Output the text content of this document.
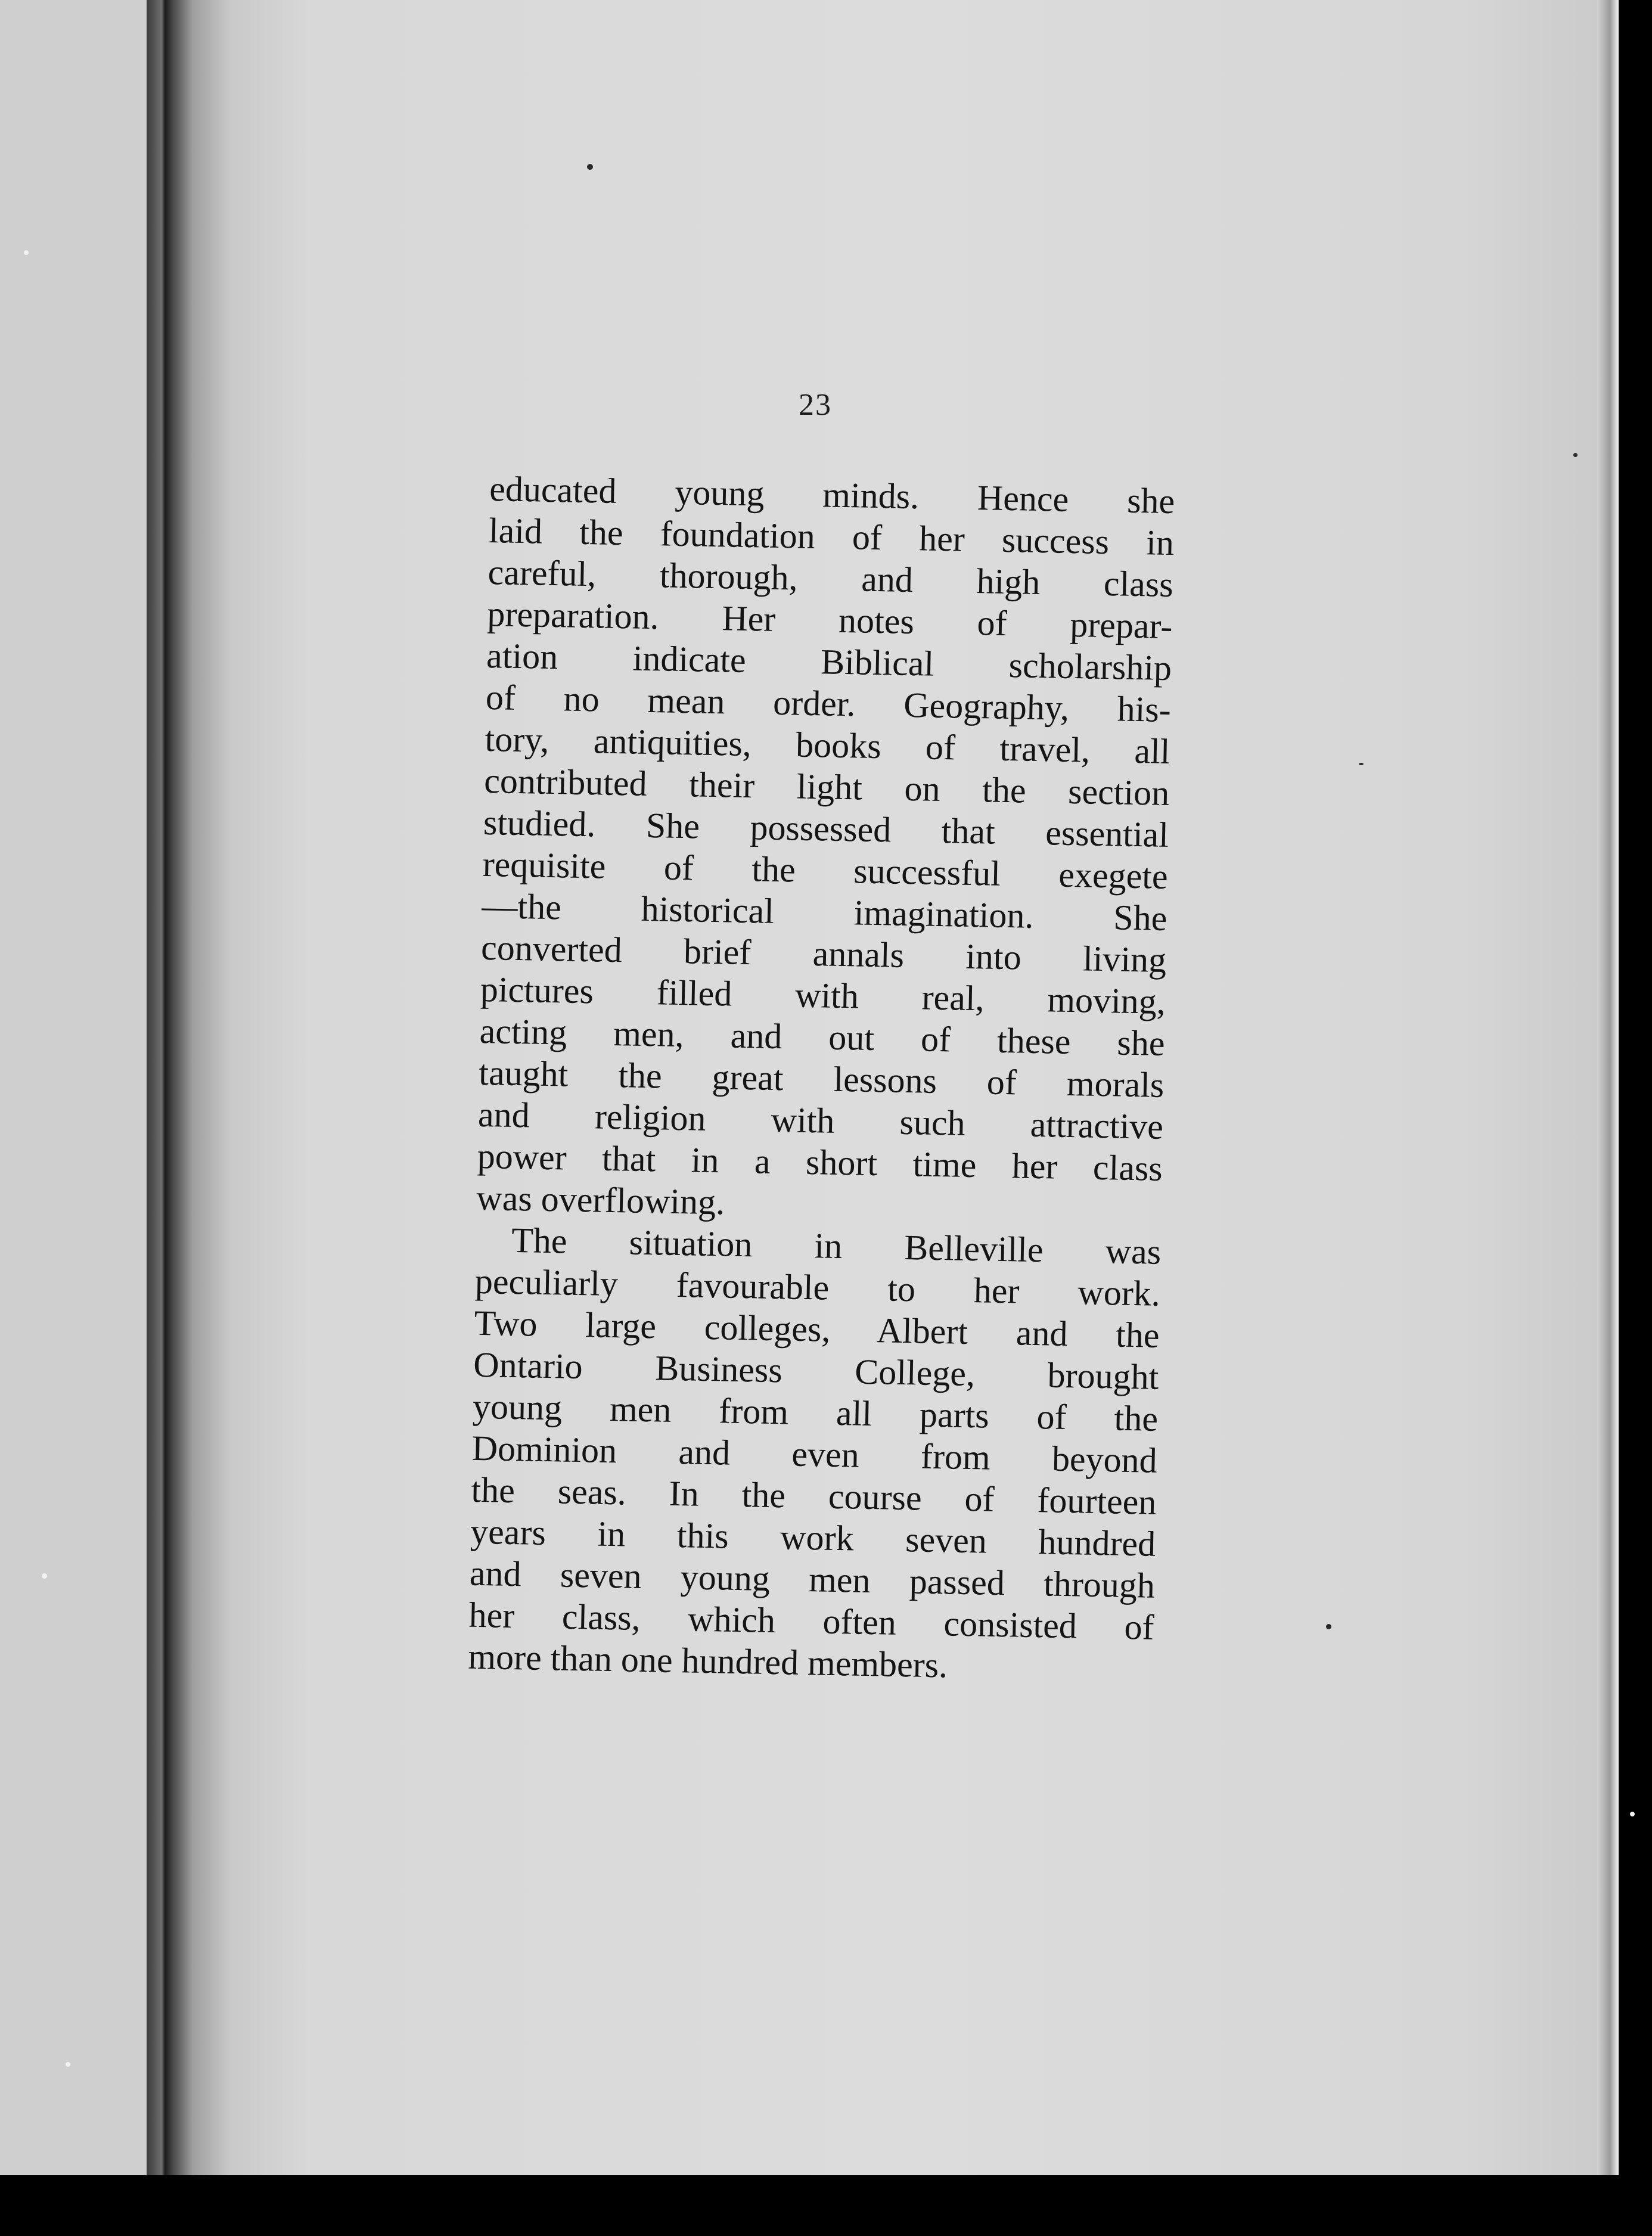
23
educated young minds. Hence she
laid the foundation of her success in
careful, thorough, and high class
preparation. Her notes of prepar-
ation indicate Biblical scholarship
of no mean order. Geography, his-
tory, antiquities, books of travel, all
contributed their light on the section
studied. She possessed that essential
requisite of the successful exegete
—the historical imagination. She
converted brief annals into living
pictures filled with real, moving,
acting men, and out of these she
taught the great lessons of morals
and religion with such attractive
power that in a short time her class
was overflowing.
The situation in Belleville was
peculiarly favourable to her work.
Two large colleges, Albert and the
Ontario Business College, brought
young men from all parts of the
Dominion and even from beyond
the seas. In the course of fourteen
years in this work seven hundred
and seven young men passed through
her class, which often consisted of
more than one hundred members.
